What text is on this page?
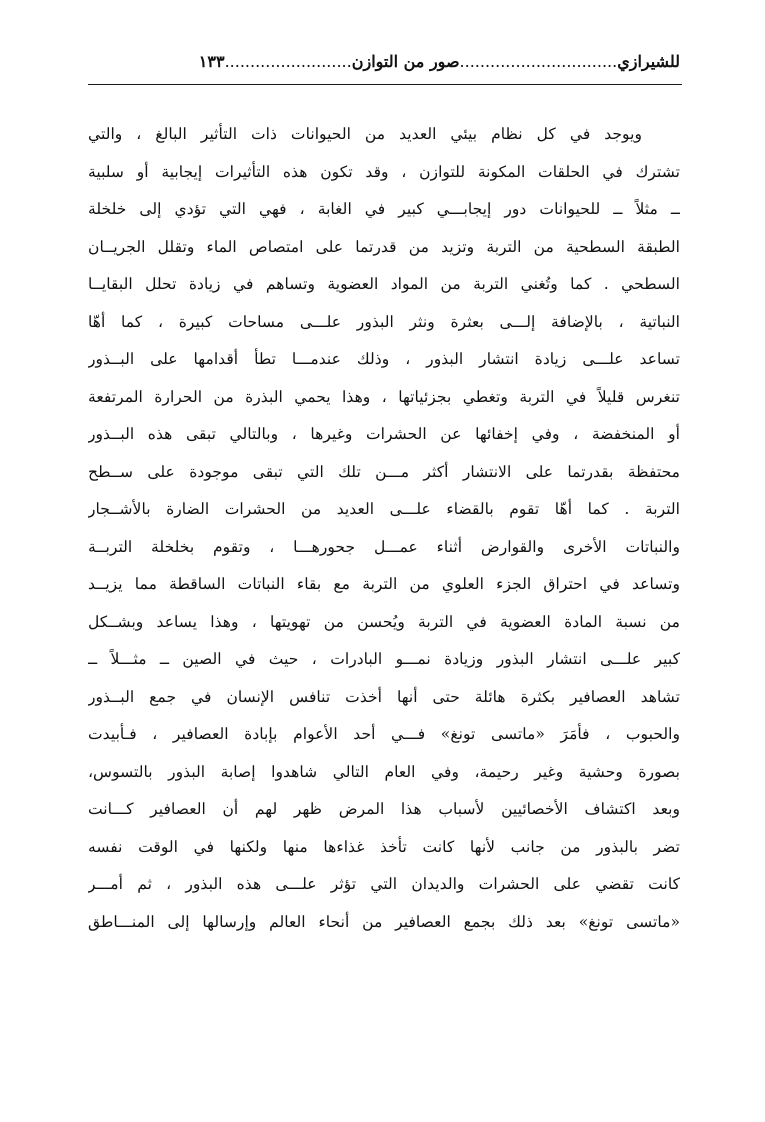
للشيرازي...............................صور من التوازن.........................١٣٣
ويوجد في كل نظام بيئي العديد من الحيوانات ذات التأثير البالغ ، والتي
تشترك في الحلقات المكونة للتوازن ، وقد تكون هذه التأثيرات إيجابية أو سلبية
ــ مثلاً ــ للحيوانات دور إيجابـــي كبير في الغابة ، فهي التي تؤدي إلى خلخلة
الطبقة السطحية من التربة وتزيد من قدرتما على امتصاص الماء وتقلل الجريــان
السطحي . كما وتُغني التربة من المواد العضوية وتساهم في زيادة تحلل البقايــا
النباتية ، بالإضافة إلـــى بعثرة ونثر البذور علـــى مساحات كبيرة ، كما أهّا
تساعد علـــى زيادة انتشار البذور ، وذلك عندمـــا تطأ أقدامها على البــذور
تنغرس قليلاً في التربة وتغطي بجزئياتها ، وهذا يحمي البذرة من الحرارة المرتفعة
أو المنخفضة ، وفي إخفائها عن الحشرات وغيرها ، وبالتالي تبقى هذه البــذور
محتفظة بقدرتما على الانتشار أكثر مـــن تلك التي تبقى موجودة على ســطح
التربة . كما أهّا تقوم بالقضاء علـــى العديد من الحشرات الضارة بالأشــجار
والنباتات الأخرى والقوارض أثناء عمـــل جحورهـــا ، وتقوم بخلخلة التربــة
وتساعد في احتراق الجزء العلوي من التربة مع بقاء النباتات الساقطة مما يزيــد
من نسبة المادة العضوية في التربة ويُحسن من تهويتها ، وهذا يساعد وبشــكل
كبير علـــى انتشار البذور وزيادة نمـــو البادرات ، حيث في الصين ــ مثـــلاً ــ
تشاهد العصافير بكثرة هائلة حتى أنها أخذت تنافس الإنسان في جمع البــذور
والحبوب ، فأمَرَ «ماتسى تونغ» فـــي أحد الأعوام بإبادة العصافير ، فـأبيدت
بصورة وحشية وغير رحيمة، وفي العام التالي شاهدوا إصابة البذور بالتسوس،
وبعد اكتشاف الأخصائيين لأسباب هذا المرض ظهر لهم أن العصافير كـــانت
تضر بالبذور من جانب لأنها كانت تأخذ غذاءها منها ولكنها في الوقت نفسه
كانت تقضي على الحشرات والديدان التي تؤثر علـــى هذه البذور ، ثم أمـــر
«ماتسى تونغ» بعد ذلك بجمع العصافير من أنحاء العالم وإرسالها إلى المنـــاطق
